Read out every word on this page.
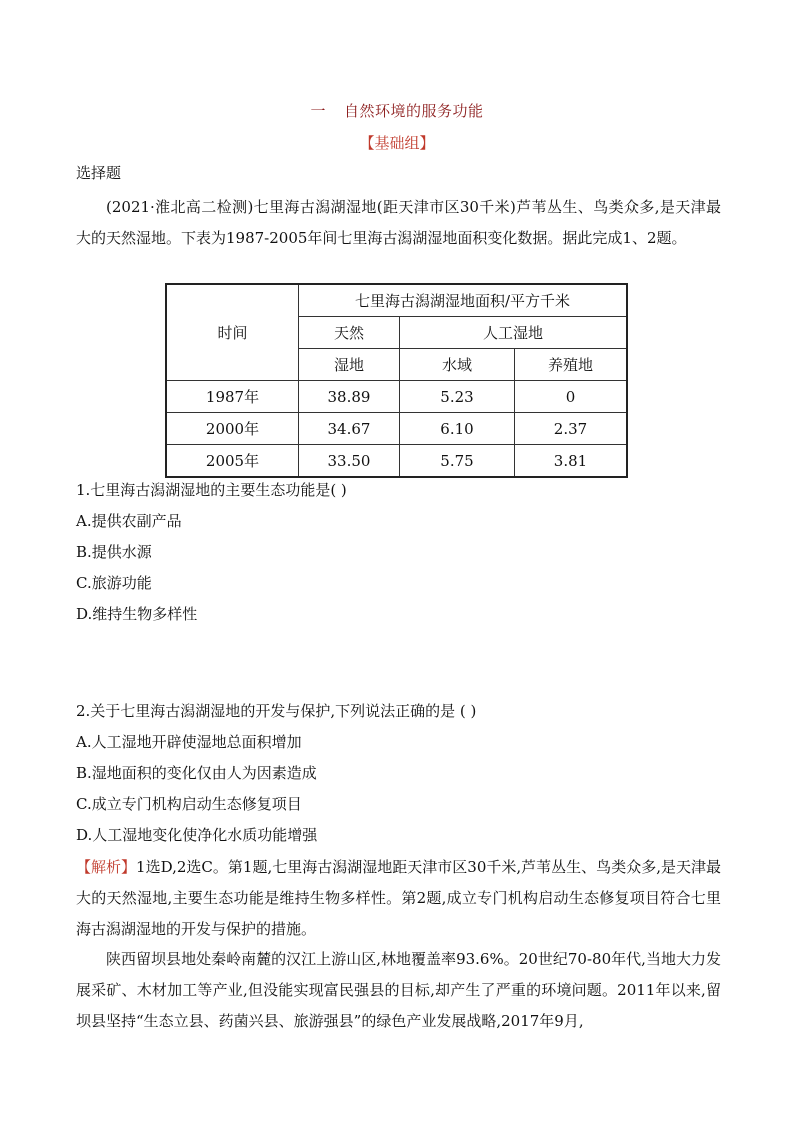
一 自然环境的服务功能
【基础组】
选择题
(2021·淮北高二检测)七里海古潟湖湿地(距天津市区30千米)芦苇丛生、鸟类众多,是天津最大的天然湿地。下表为1987-2005年间七里海古潟湖湿地面积变化数据。据此完成1、2题。
时间	七里海古潟湖湿地面积/平方千米		
	天然	人工湿地	
	湿地	水域	养殖地
1987年	38.89	5.23	0
2000年	34.67	6.10	2.37
2005年	33.50	5.75	3.81
1.七里海古潟湖湿地的主要生态功能是( )
A.提供农副产品
B.提供水源
C.旅游功能
D.维持生物多样性
2.关于七里海古潟湖湿地的开发与保护,下列说法正确的是 ( )
A.人工湿地开辟使湿地总面积增加
B.湿地面积的变化仅由人为因素造成
C.成立专门机构启动生态修复项目
D.人工湿地变化使净化水质功能增强
【解析】1选D,2选C。第1题,七里海古潟湖湿地距天津市区30千米,芦苇丛生、鸟类众多,是天津最大的天然湿地,主要生态功能是维持生物多样性。第2题,成立专门机构启动生态修复项目符合七里海古潟湖湿地的开发与保护的措施。
陕西留坝县地处秦岭南麓的汉江上游山区,林地覆盖率93.6%。20世纪70-80年代,当地大力发展采矿、木材加工等产业,但没能实现富民强县的目标,却产生了严重的环境问题。2011年以来,留坝县坚持“生态立县、药菌兴县、旅游强县”的绿色产业发展战略,2017年9月,
